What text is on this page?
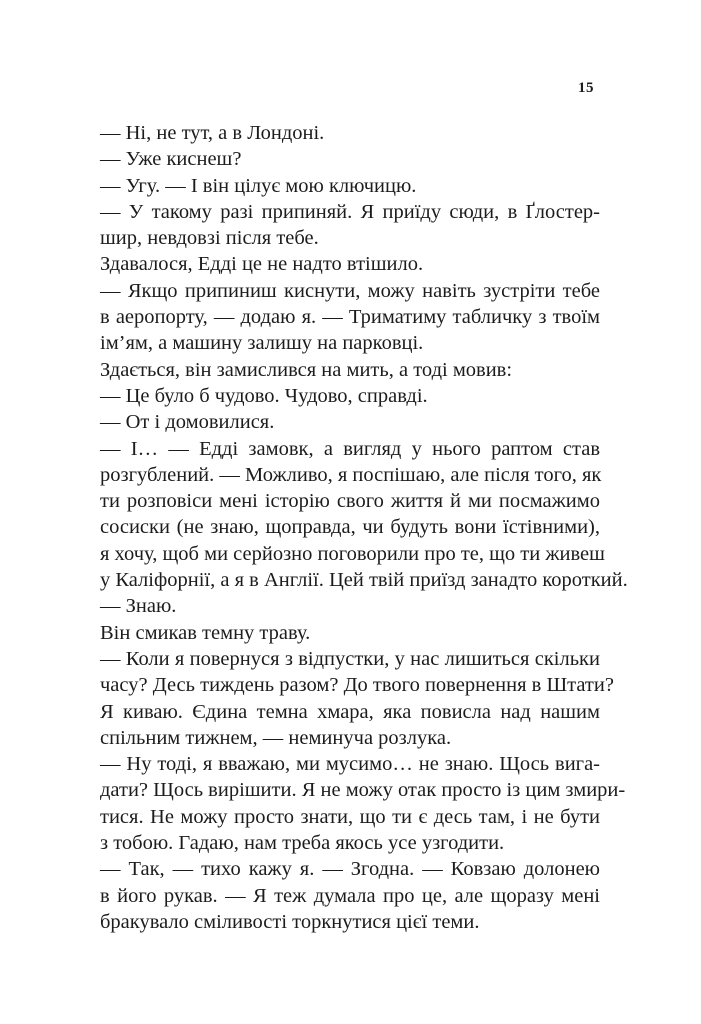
15
— Ні, не тут, а в Лондоні.
— Уже киснеш?
— Угу. — І він цілує мою ключицю.
— У такому разі припиняй. Я приїду сюди, в Ґлостер-
шир, невдовзі після тебе.
Здавалося, Едді це не надто втішило.
— Якщо припиниш киснути, можу навіть зустріти тебе
в аеропорту, — додаю я. — Триматиму табличку з твоїм
ім’ям, а машину залишу на парковці.
Здається, він замислився на мить, а тоді мовив:
— Це було б чудово. Чудово, справді.
— От і домовилися.
— І… — Едді замовк, а вигляд у нього раптом став
розгублений. — Можливо, я поспішаю, але після того, як
ти розповіси мені історію свого життя й ми посмажимо
сосиски (не знаю, щоправда, чи будуть вони їстівними),
я хочу, щоб ми серйозно поговорили про те, що ти живеш
у Каліфорнії, а я в Англії. Цей твій приїзд занадто короткий.
— Знаю.
Він смикав темну траву.
— Коли я повернуся з відпустки, у нас лишиться скільки
часу? Десь тиждень разом? До твого повернення в Штати?
Я киваю. Єдина темна хмара, яка повисла над нашим
спільним тижнем, — неминуча розлука.
— Ну тоді, я вважаю, ми мусимо… не знаю. Щось вига-
дати? Щось вирішити. Я не можу отак просто із цим змири-
тися. Не можу просто знати, що ти є десь там, і не бути
з тобою. Гадаю, нам треба якось усе узгодити.
— Так, — тихо кажу я. — Згодна. — Ковзаю долонею
в його рукав. — Я теж думала про це, але щоразу мені
бракувало сміливості торкнутися цієї теми.
